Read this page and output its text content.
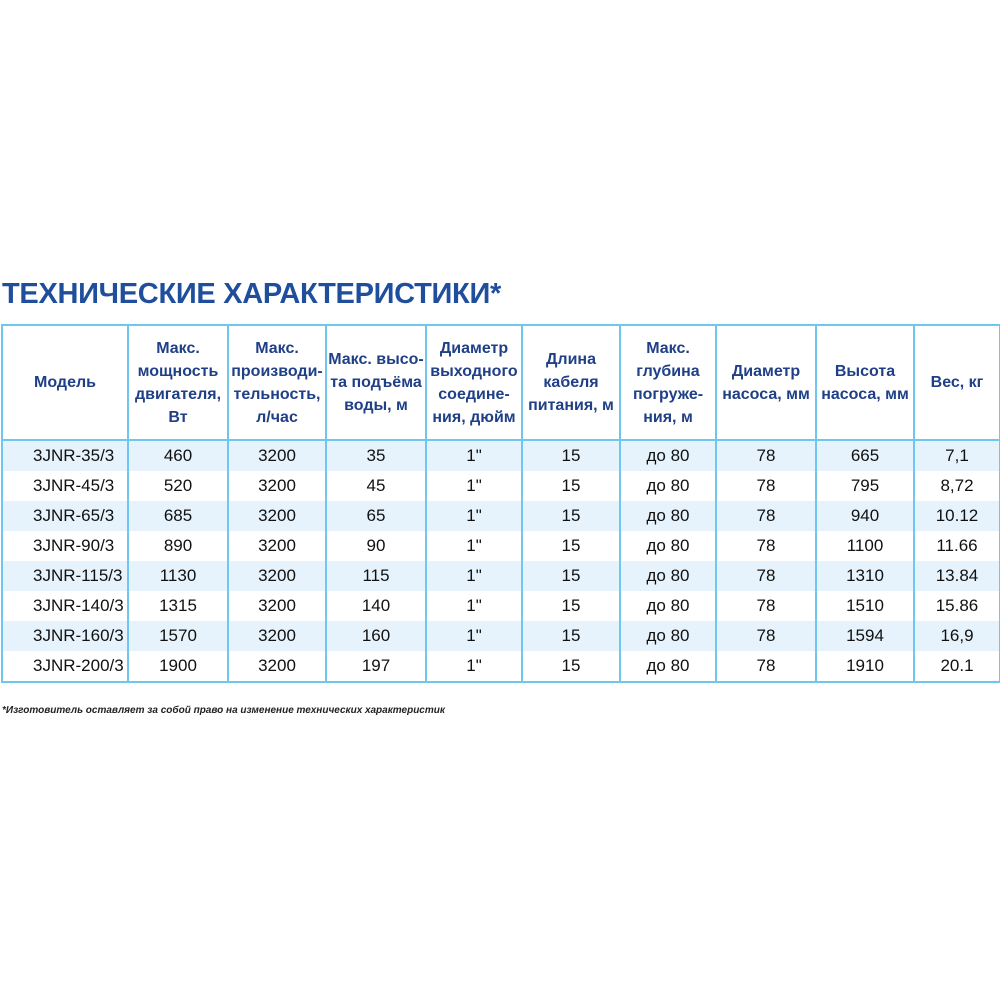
ТЕХНИЧЕСКИЕ ХАРАКТЕРИСТИКИ*
Модель	Макс. мощность двигателя, Вт	Макс. производи- тельность, л/час	Макс. высо- та подъёма воды, м	Диаметр выходного соедине- ния, дюйм	Длина кабеля питания, м	Макс. глубина погруже- ния, м	Диаметр насоса, мм	Высота насоса, мм	Вес, кг
3JNR-35/3	460	3200	35	1"	15	до 80	78	665	7,1
3JNR-45/3	520	3200	45	1"	15	до 80	78	795	8,72
3JNR-65/3	685	3200	65	1"	15	до 80	78	940	10.12
3JNR-90/3	890	3200	90	1"	15	до 80	78	1100	11.66
3JNR-115/3	1130	3200	115	1"	15	до 80	78	1310	13.84
3JNR-140/3	1315	3200	140	1"	15	до 80	78	1510	15.86
3JNR-160/3	1570	3200	160	1"	15	до 80	78	1594	16,9
3JNR-200/3	1900	3200	197	1"	15	до 80	78	1910	20.1

*Изготовитель оставляет за собой право на изменение технических характеристик
